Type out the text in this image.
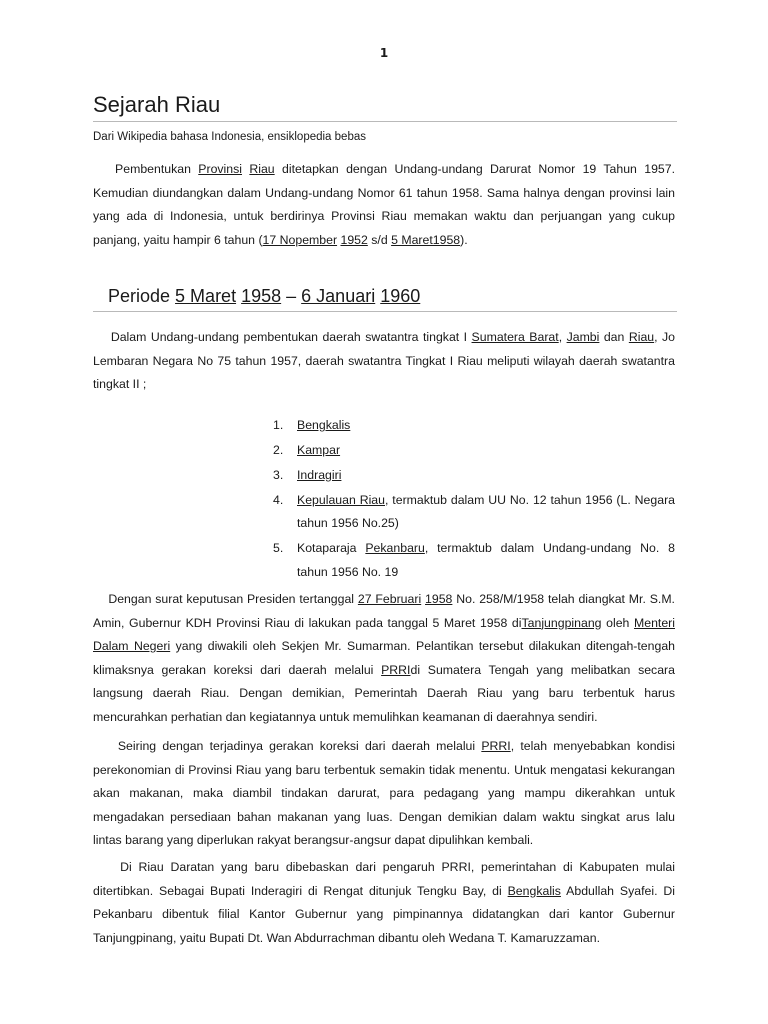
1
Sejarah Riau
Dari Wikipedia bahasa Indonesia, ensiklopedia bebas

Pembentukan Provinsi Riau ditetapkan dengan Undang-undang Darurat Nomor 19 Tahun 1957. Kemudian diundangkan dalam Undang-undang Nomor 61 tahun 1958. Sama halnya dengan provinsi lain yang ada di Indonesia, untuk berdirinya Provinsi Riau memakan waktu dan perjuangan yang cukup panjang, yaitu hampir 6 tahun (17 Nopember 1952 s/d 5 Maret1958).

Periode 5 Maret 1958 – 6 Januari 1960

Dalam Undang-undang pembentukan daerah swatantra tingkat I Sumatera Barat, Jambi dan Riau, Jo Lembaran Negara No 75 tahun 1957, daerah swatantra Tingkat I Riau meliputi wilayah daerah swatantra tingkat II ;

1. Bengkalis
2. Kampar
3. Indragiri
4. Kepulauan Riau, termaktub dalam UU No. 12 tahun 1956 (L. Negara tahun 1956 No.25)
5. Kotaparaja Pekanbaru, termaktub dalam Undang-undang No. 8 tahun 1956 No. 19

Dengan surat keputusan Presiden tertanggal 27 Februari 1958 No. 258/M/1958 telah diangkat Mr. S.M. Amin, Gubernur KDH Provinsi Riau di lakukan pada tanggal 5 Maret 1958 diTanjungpinang oleh Menteri Dalam Negeri yang diwakili oleh Sekjen Mr. Sumarman. Pelantikan tersebut dilakukan ditengah-tengah klimaksnya gerakan koreksi dari daerah melalui PRRIdi Sumatera Tengah yang melibatkan secara langsung daerah Riau. Dengan demikian, Pemerintah Daerah Riau yang baru terbentuk harus mencurahkan perhatian dan kegiatannya untuk memulihkan keamanan di daerahnya sendiri.

Seiring dengan terjadinya gerakan koreksi dari daerah melalui PRRI, telah menyebabkan kondisi perekonomian di Provinsi Riau yang baru terbentuk semakin tidak menentu. Untuk mengatasi kekurangan akan makanan, maka diambil tindakan darurat, para pedagang yang mampu dikerahkan untuk mengadakan persediaan bahan makanan yang luas. Dengan demikian dalam waktu singkat arus lalu lintas barang yang diperlukan rakyat berangsur-angsur dapat dipulihkan kembali.

Di Riau Daratan yang baru dibebaskan dari pengaruh PRRI, pemerintahan di Kabupaten mulai ditertibkan. Sebagai Bupati Inderagiri di Rengat ditunjuk Tengku Bay, di Bengkalis Abdullah Syafei. Di Pekanbaru dibentuk filial Kantor Gubernur yang pimpinannya didatangkan dari kantor Gubernur Tanjungpinang, yaitu Bupati Dt. Wan Abdurrachman dibantu oleh Wedana T. Kamaruzzaman.
